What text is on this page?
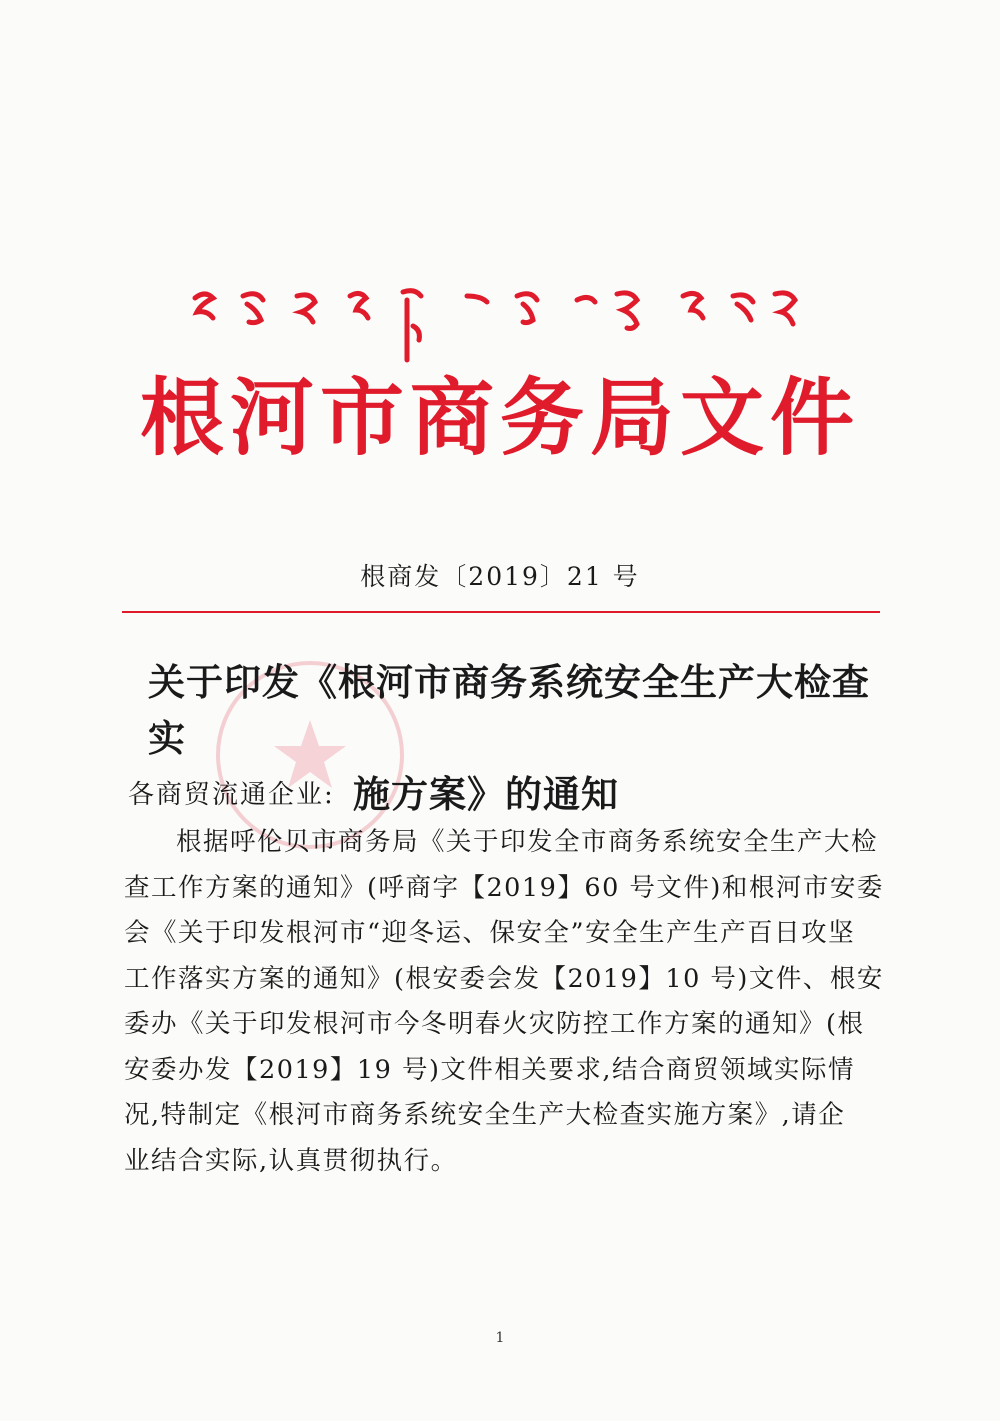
ᠭᠡᠨ᠋ᠡ ᠬᠣᠲᠠ ᠶᠢᠨ ᠬᠤᠳᠠᠯᠳᠤᠭᠠ ᠶᠢᠨ ᠲᠣᠪᠴᠢᠶ᠎ᠠ ᠶᠢᠨ ᠪᠢᠴᠢᠭ ᠮᠠᠲ᠋ᠧᠷᠢᠶᠠᠯ
根河市商务局文件
根商发〔2019〕21 号
关于印发《根河市商务系统安全生产大检查实
施方案》的通知
各商贸流通企业:
根据呼伦贝市商务局《关于印发全市商务系统安全生产大检
查工作方案的通知》(呼商字【2019】60 号文件)和根河市安委
会《关于印发根河市“迎冬运、保安全”安全生产生产百日攻坚
工作落实方案的通知》(根安委会发【2019】10 号)文件、根安
委办《关于印发根河市今冬明春火灾防控工作方案的通知》(根
安委办发【2019】19 号)文件相关要求,结合商贸领域实际情
况,特制定《根河市商务系统安全生产大检查实施方案》,请企
业结合实际,认真贯彻执行。
1
